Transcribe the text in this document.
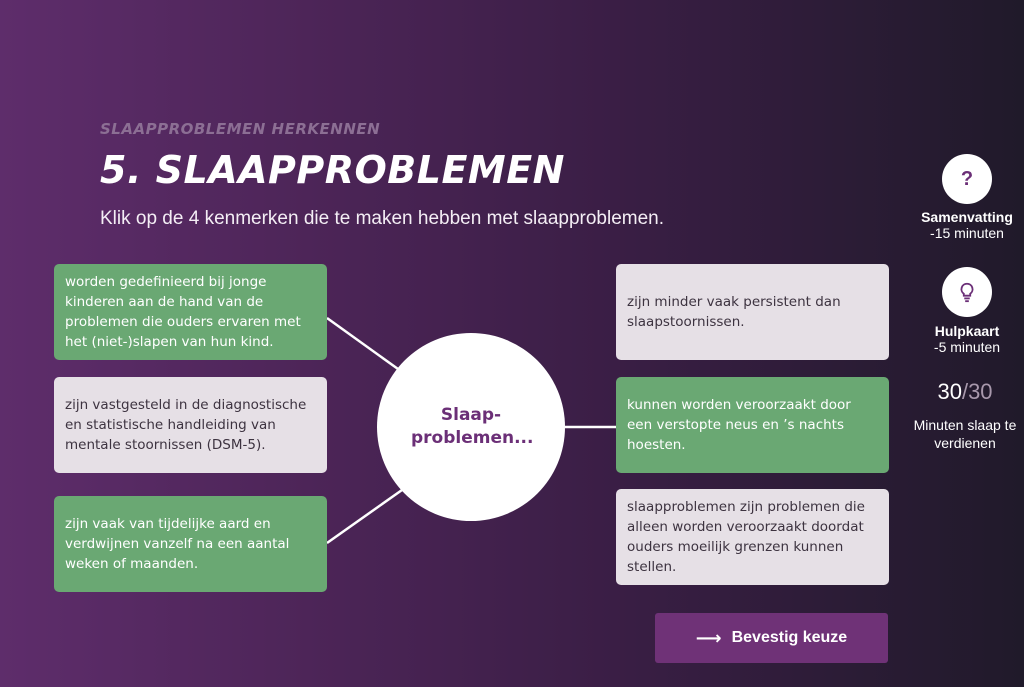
SLAAPPROBLEMEN HERKENNEN
5. SLAAPPROBLEMEN
Klik op de 4 kenmerken die te maken hebben met slaapproblemen.
worden gedefinieerd bij jonge kinderen aan de hand van de problemen die ouders ervaren met het (niet-)slapen van hun kind.
zijn vastgesteld in de diagnostische en statistische handleiding van mentale stoornissen (DSM-5).
zijn vaak van tijdelijke aard en verdwijnen vanzelf na een aantal weken of maanden.
zijn minder vaak persistent dan slaapstoornissen.
kunnen worden veroorzaakt door een verstopte neus en ’s nachts hoesten.
slaapproblemen zijn problemen die alleen worden veroorzaakt doordat ouders moeilijk grenzen kunnen stellen.
Slaap-problemen...
?
Samenvatting
-15 minuten
Hulpkaart
-5 minuten
30/30
Minuten slaap te verdienen
⟶ Bevestig keuze
